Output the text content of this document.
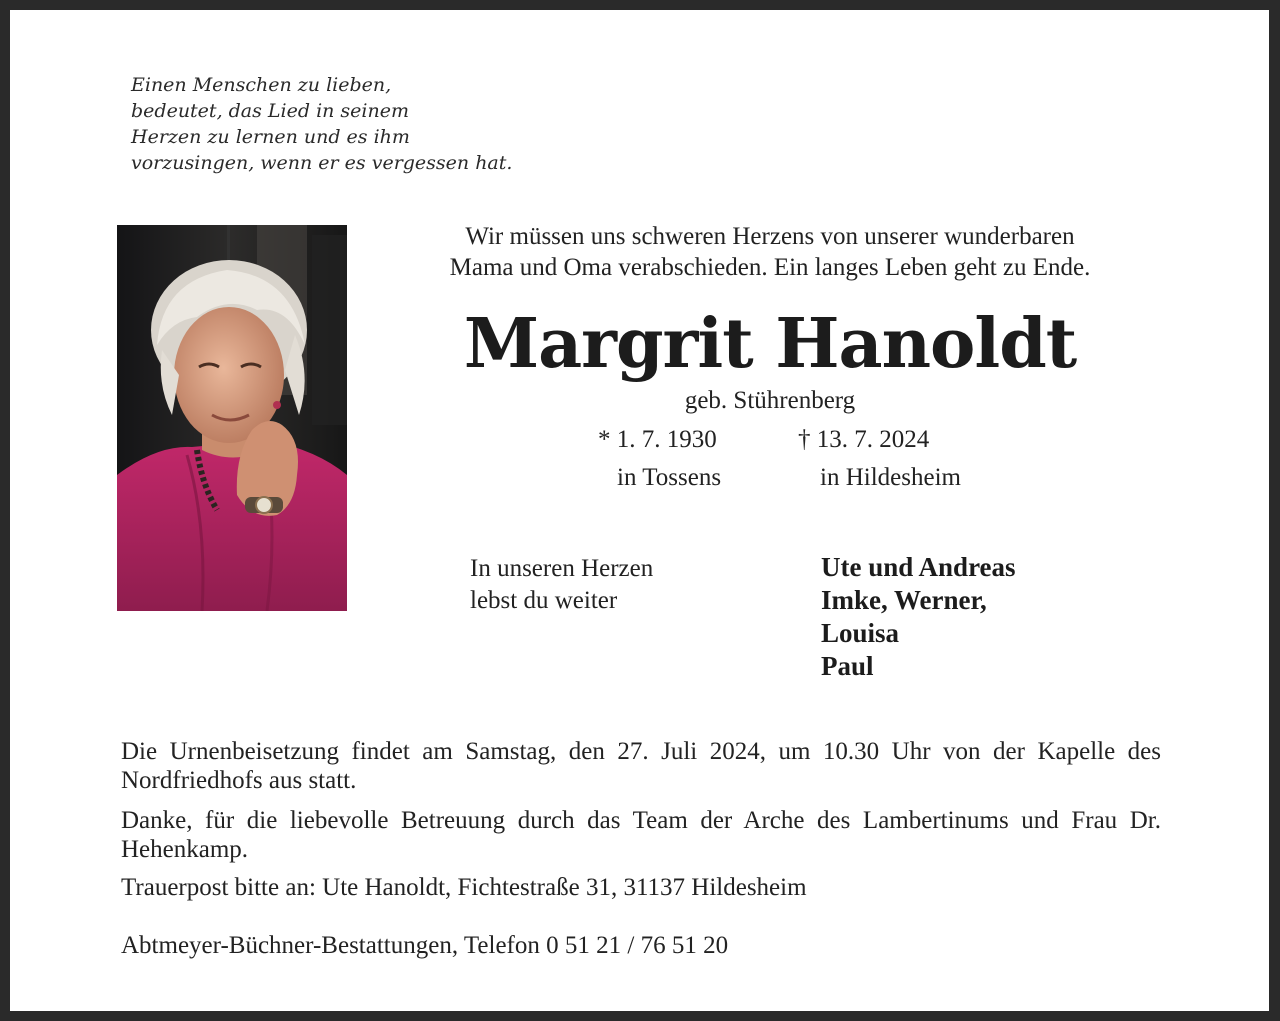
Einen Menschen zu lieben,
bedeutet, das Lied in seinem
Herzen zu lernen und es ihm
vorzusingen, wenn er es vergessen hat.
Wir müssen uns schweren Herzens von unserer wunderbaren
Mama und Oma verabschieden. Ein langes Leben geht zu Ende.
Margrit Hanoldt
geb. Stührenberg
* 1. 7. 1930	† 13. 7. 2024
in Tossens	in Hildesheim
In unseren Herzen
lebst du weiter
Ute und Andreas
Imke, Werner,
Louisa
Paul
Die Urnenbeisetzung findet am Samstag, den 27. Juli 2024, um 10.30 Uhr von der Kapelle des Nordfriedhofs aus statt.
Danke, für die liebevolle Betreuung durch das Team der Arche des Lambertinums und Frau Dr. Hehenkamp.
Trauerpost bitte an: Ute Hanoldt, Fichtestraße 31, 31137 Hildesheim
Abtmeyer-Büchner-Bestattungen, Telefon 0 51 21 / 76 51 20
